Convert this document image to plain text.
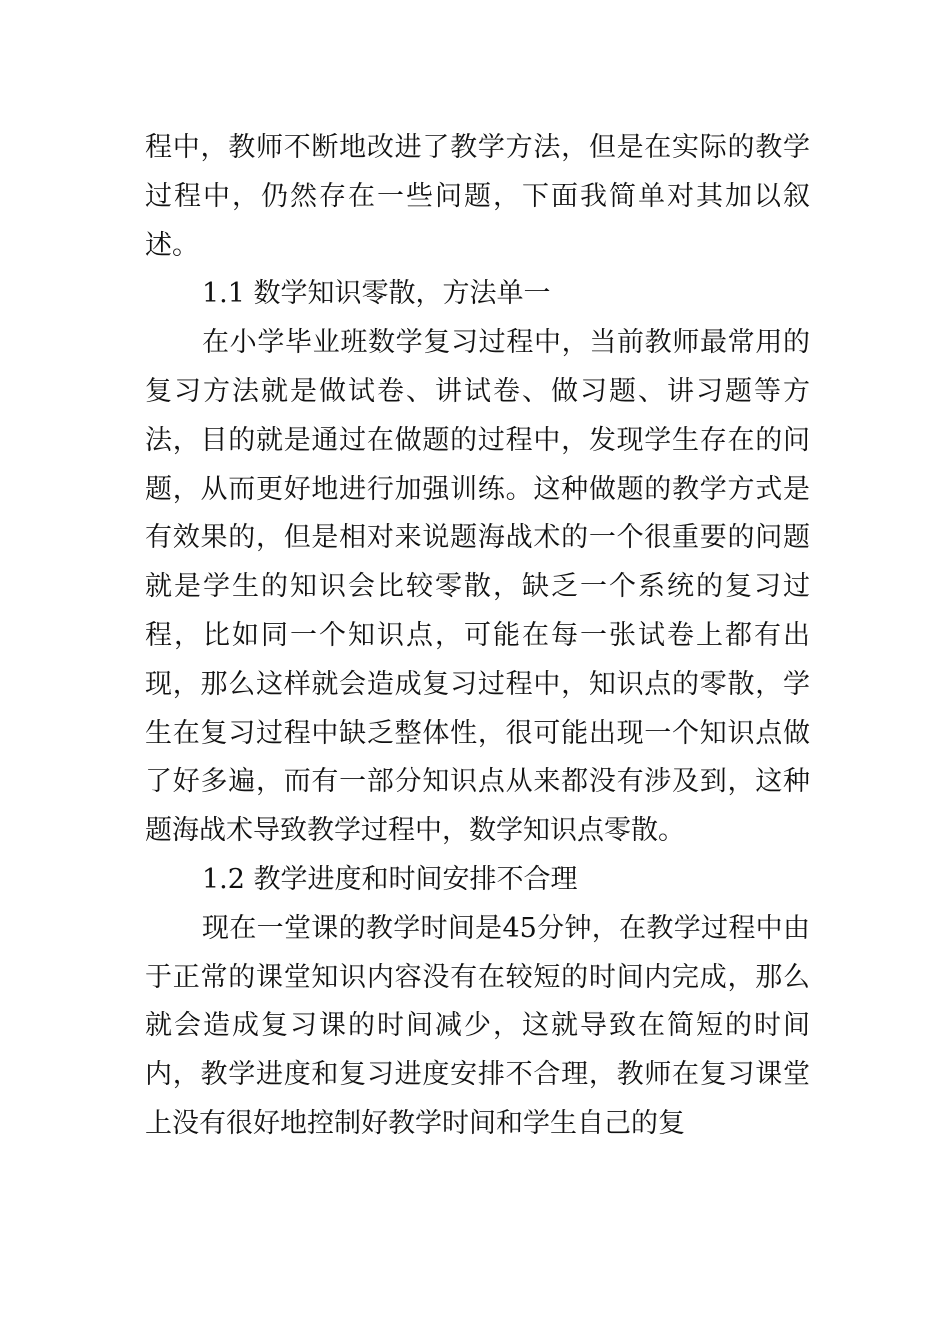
程中，教师不断地改进了教学方法，但是在实际的教学过程中，仍然存在一些问题，下面我简单对其加以叙述。

1.1 数学知识零散，方法单一

在小学毕业班数学复习过程中，当前教师最常用的复习方法就是做试卷、讲试卷、做习题、讲习题等方法，目的就是通过在做题的过程中，发现学生存在的问题，从而更好地进行加强训练。这种做题的教学方式是有效果的，但是相对来说题海战术的一个很重要的问题就是学生的知识会比较零散，缺乏一个系统的复习过程，比如同一个知识点，可能在每一张试卷上都有出现，那么这样就会造成复习过程中，知识点的零散，学生在复习过程中缺乏整体性，很可能出现一个知识点做了好多遍，而有一部分知识点从来都没有涉及到，这种题海战术导致教学过程中，数学知识点零散。

1.2 教学进度和时间安排不合理

现在一堂课的教学时间是45分钟，在教学过程中由于正常的课堂知识内容没有在较短的时间内完成，那么就会造成复习课的时间减少，这就导致在简短的时间内，教学进度和复习进度安排不合理，教师在复习课堂上没有很好地控制好教学时间和学生自己的复
